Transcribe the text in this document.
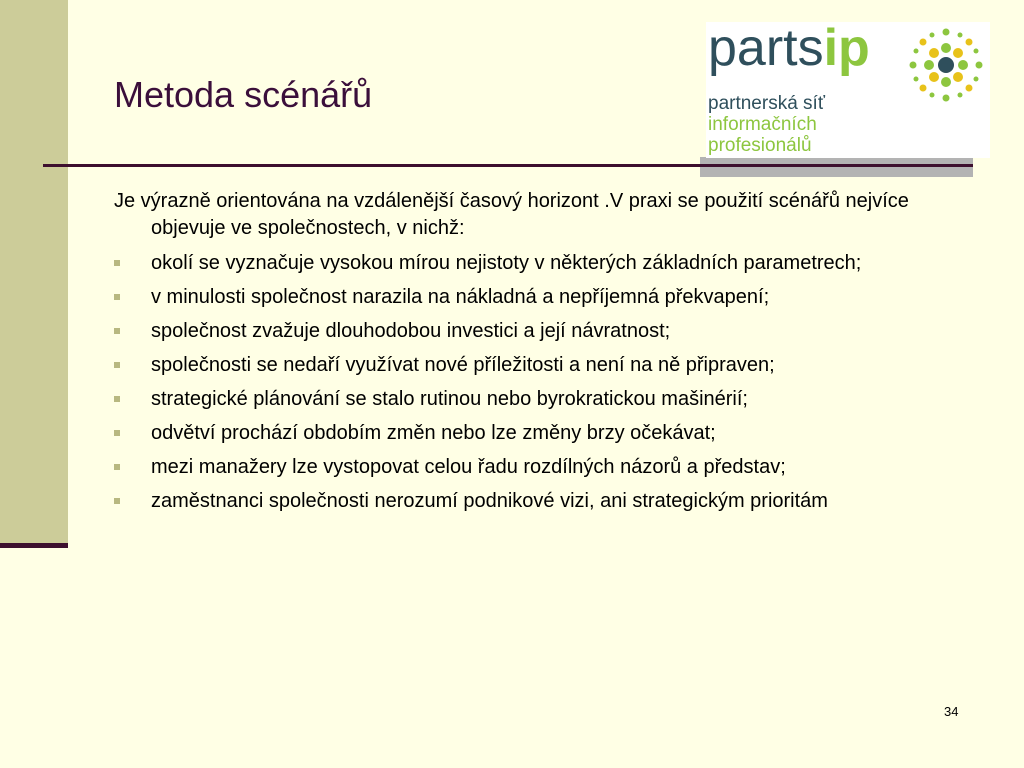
Metoda scénářů
partsip
partnerská síť
informačních
profesionálů

Je výrazně orientována na vzdálenější časový horizont .V praxi se použití scénářů nejvíce objevuje ve společnostech, v nichž:

okolí se vyznačuje vysokou mírou nejistoty v některých základních parametrech;
v minulosti společnost narazila na nákladná a nepříjemná překvapení;
společnost zvažuje dlouhodobou investici a její návratnost;
společnosti se nedaří využívat nové příležitosti a není na ně připraven;
strategické plánování se stalo rutinou nebo byrokratickou mašinérií;
odvětví prochází obdobím změn nebo lze změny brzy očekávat;
mezi manažery lze vystopovat celou řadu rozdílných názorů a představ;
zaměstnanci společnosti nerozumí podnikové vizi, ani strategickým prioritám
34
